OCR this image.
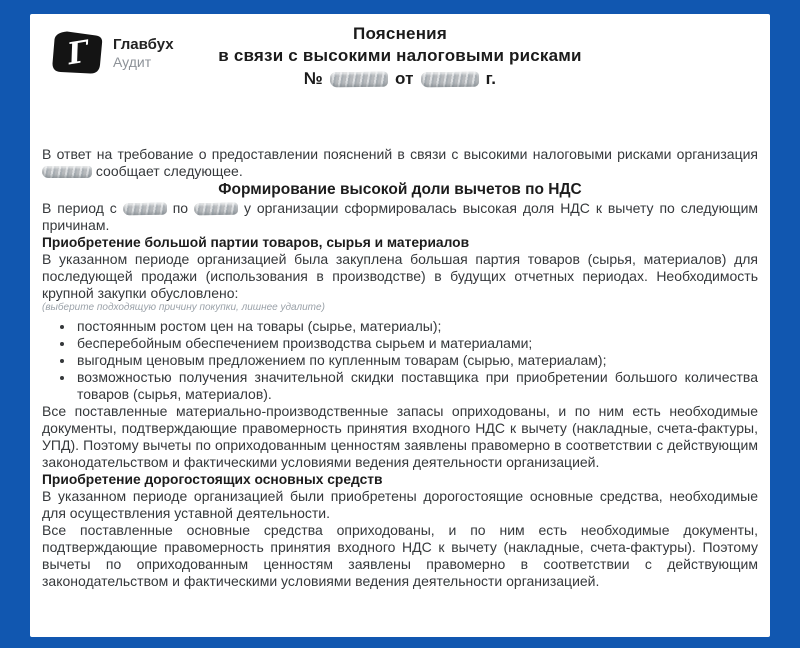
Г Главбух
Аудит
Пояснения
в связи с высокими налоговыми рисками
№	от	г.

В ответ на требование о предоставлении пояснений в связи с высокими налоговыми рисками организация  сообщает следующее.

Формирование высокой доли вычетов по НДС

В период с	по	у организации сформировалась высокая доля НДС к вычету по следующим причинам.

Приобретение большой партии товаров, сырья и материалов

В указанном периоде организацией была закуплена большая партия товаров (сырья, материалов) для последующей продажи (использования в производстве) в будущих отчетных периодах. Необходимость крупной закупки обусловлено:

(выберите подходящую причину покупки, лишнее удалите)

• постоянным ростом цен на товары (сырье, материалы);
• бесперебойным обеспечением производства сырьем и материалами;
• выгодным ценовым предложением по купленным товарам (сырью, материалам);
• возможностью получения значительной скидки поставщика при приобретении большого количества товаров (сырья, материалов).

Все поставленные материально-производственные запасы оприходованы, и по ним есть необходимые документы, подтверждающие правомерность принятия входного НДС к вычету (накладные, счета-фактуры, УПД). Поэтому вычеты по оприходованным ценностям заявлены правомерно в соответствии с действующим законодательством и фактическими условиями ведения деятельности организацией.

Приобретение дорогостоящих основных средств

В указанном периоде организацией были приобретены дорогостоящие основные средства, необходимые для осуществления уставной деятельности.

Все поставленные основные средства оприходованы, и по ним есть необходимые документы, подтверждающие правомерность принятия входного НДС к вычету (накладные, счета-фактуры). Поэтому вычеты по оприходованным ценностям заявлены правомерно в соответствии с действующим законодательством и фактическими условиями ведения деятельности организацией.
